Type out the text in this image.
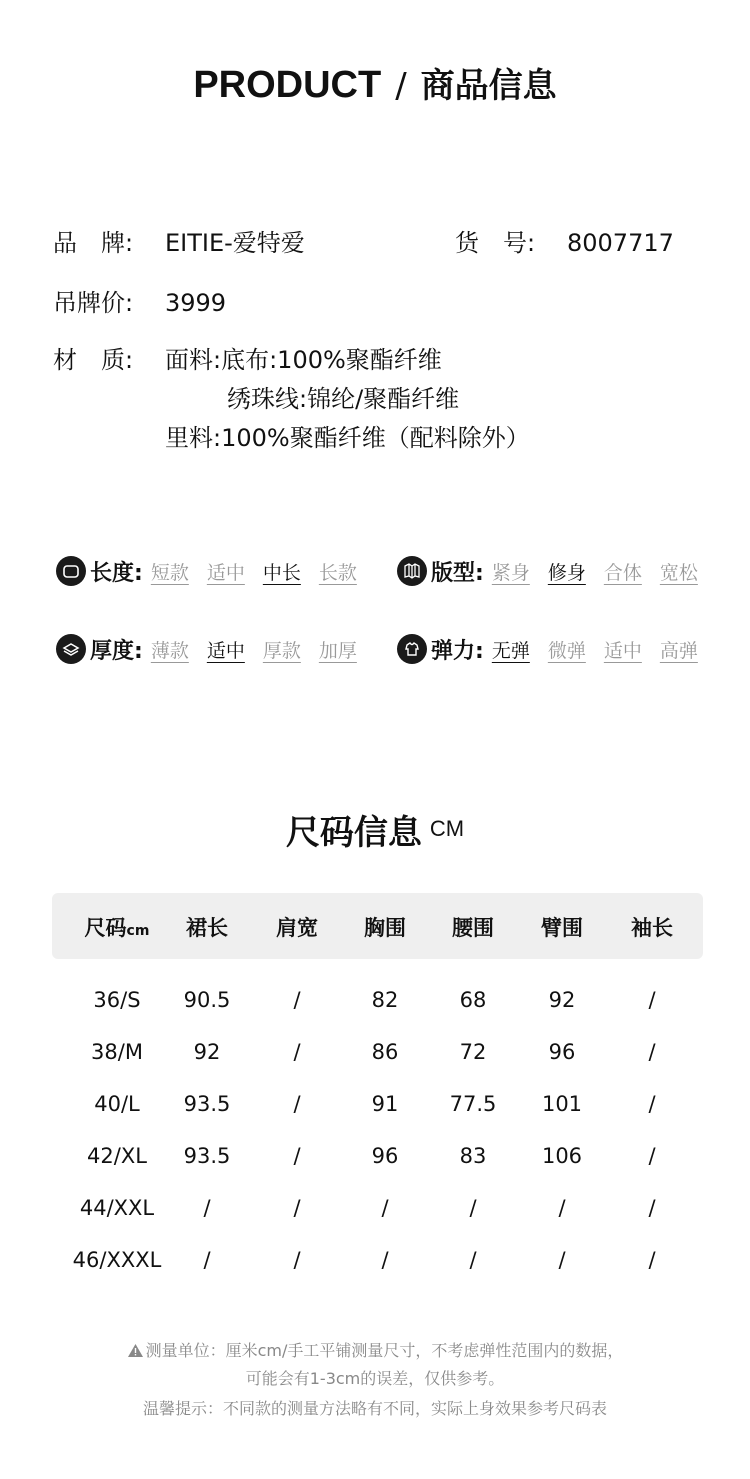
PRODUCT / 商品信息
品　牌: EITIE-爱特爱	货　号: 8007717
吊牌价: 3999
材　质: 面料:底布:100%聚酯纤维
绣珠线:锦纶/聚酯纤维
里料:100%聚酯纤维（配料除外）
长度: 短款 适中 中长 长款	版型: 紧身 修身 合体 宽松
厚度: 薄款 适中 厚款 加厚	弹力: 无弹 微弹 适中 高弹
尺码信息 CM
尺码cm	裙长	肩宽	胸围	腰围	臂围	袖长
36/S	90.5	/	82	68	92	/
38/M	92	/	86	72	96	/
40/L	93.5	/	91	77.5	101	/
42/XL	93.5	/	96	83	106	/
44/XXL	/	/	/	/	/	/
46/XXXL	/	/	/	/	/	/
测量单位：厘米cm/手工平铺测量尺寸，不考虑弹性范围内的数据，
可能会有1-3cm的误差，仅供参考。
温馨提示：不同款的测量方法略有不同，实际上身效果参考尺码表
